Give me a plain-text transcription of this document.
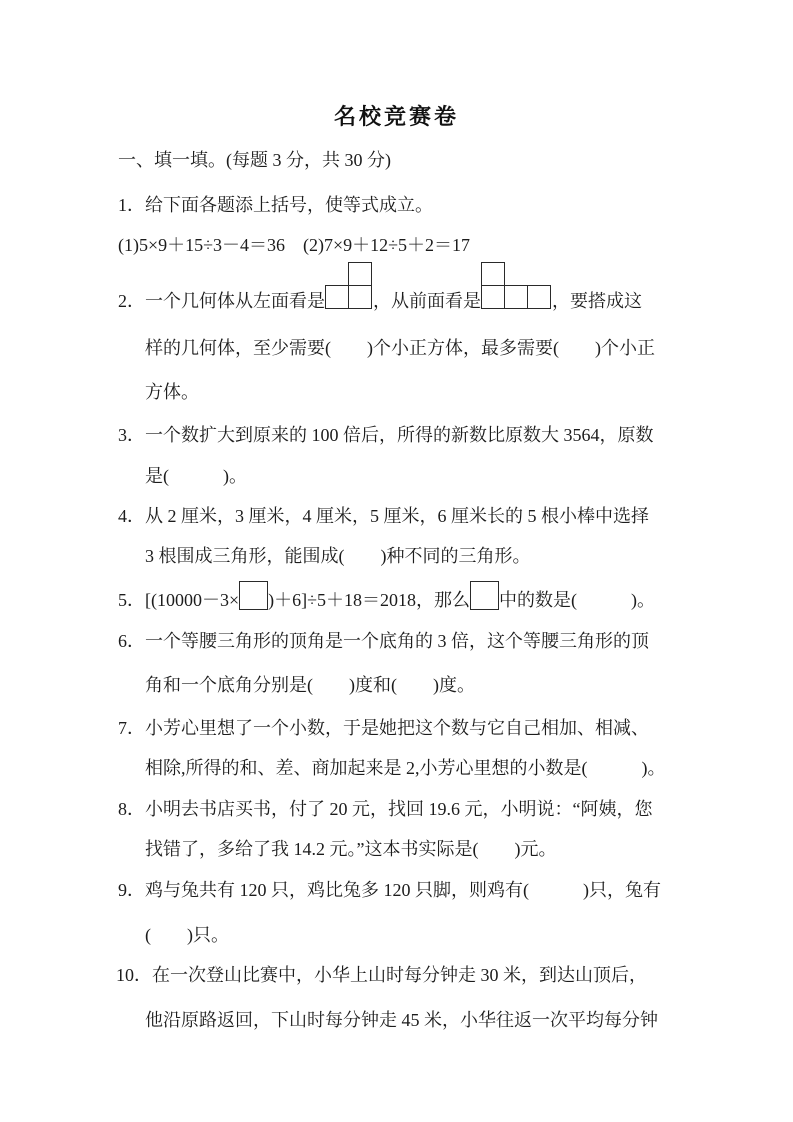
名校竞赛卷
一、填一填。(每题 3 分，共 30 分)
1．给下面各题添上括号，使等式成立。
(1)5×9＋15÷3－4＝36　(2)7×9＋12÷5＋2＝17
2．一个几何体从左面看是	，从前面看是	，要搭成这
样的几何体，至少需要(　　)个小正方体，最多需要(　　)个小正
方体。
3．一个数扩大到原来的 100 倍后，所得的新数比原数大 3564，原数
是(　　　)。
4．从 2 厘米，3 厘米，4 厘米，5 厘米，6 厘米长的 5 根小棒中选择
3 根围成三角形，能围成(　　)种不同的三角形。
5．[(10000－3× )＋6]÷5＋18＝2018，那么 中的数是(　　　)。
6．一个等腰三角形的顶角是一个底角的 3 倍，这个等腰三角形的顶
角和一个底角分别是(　　)度和(　　)度。
7．小芳心里想了一个小数，于是她把这个数与它自己相加、相减、
相除,所得的和、差、商加起来是 2,小芳心里想的小数是(　　　)。
8．小明去书店买书，付了 20 元，找回 19.6 元，小明说：“阿姨，您
找错了，多给了我 14.2 元。”这本书实际是(　　)元。
9．鸡与兔共有 120 只，鸡比兔多 120 只脚，则鸡有(　　　)只，兔有
(　　)只。
10．在一次登山比赛中，小华上山时每分钟走 30 米，到达山顶后，
他沿原路返回，下山时每分钟走 45 米，小华往返一次平均每分钟
